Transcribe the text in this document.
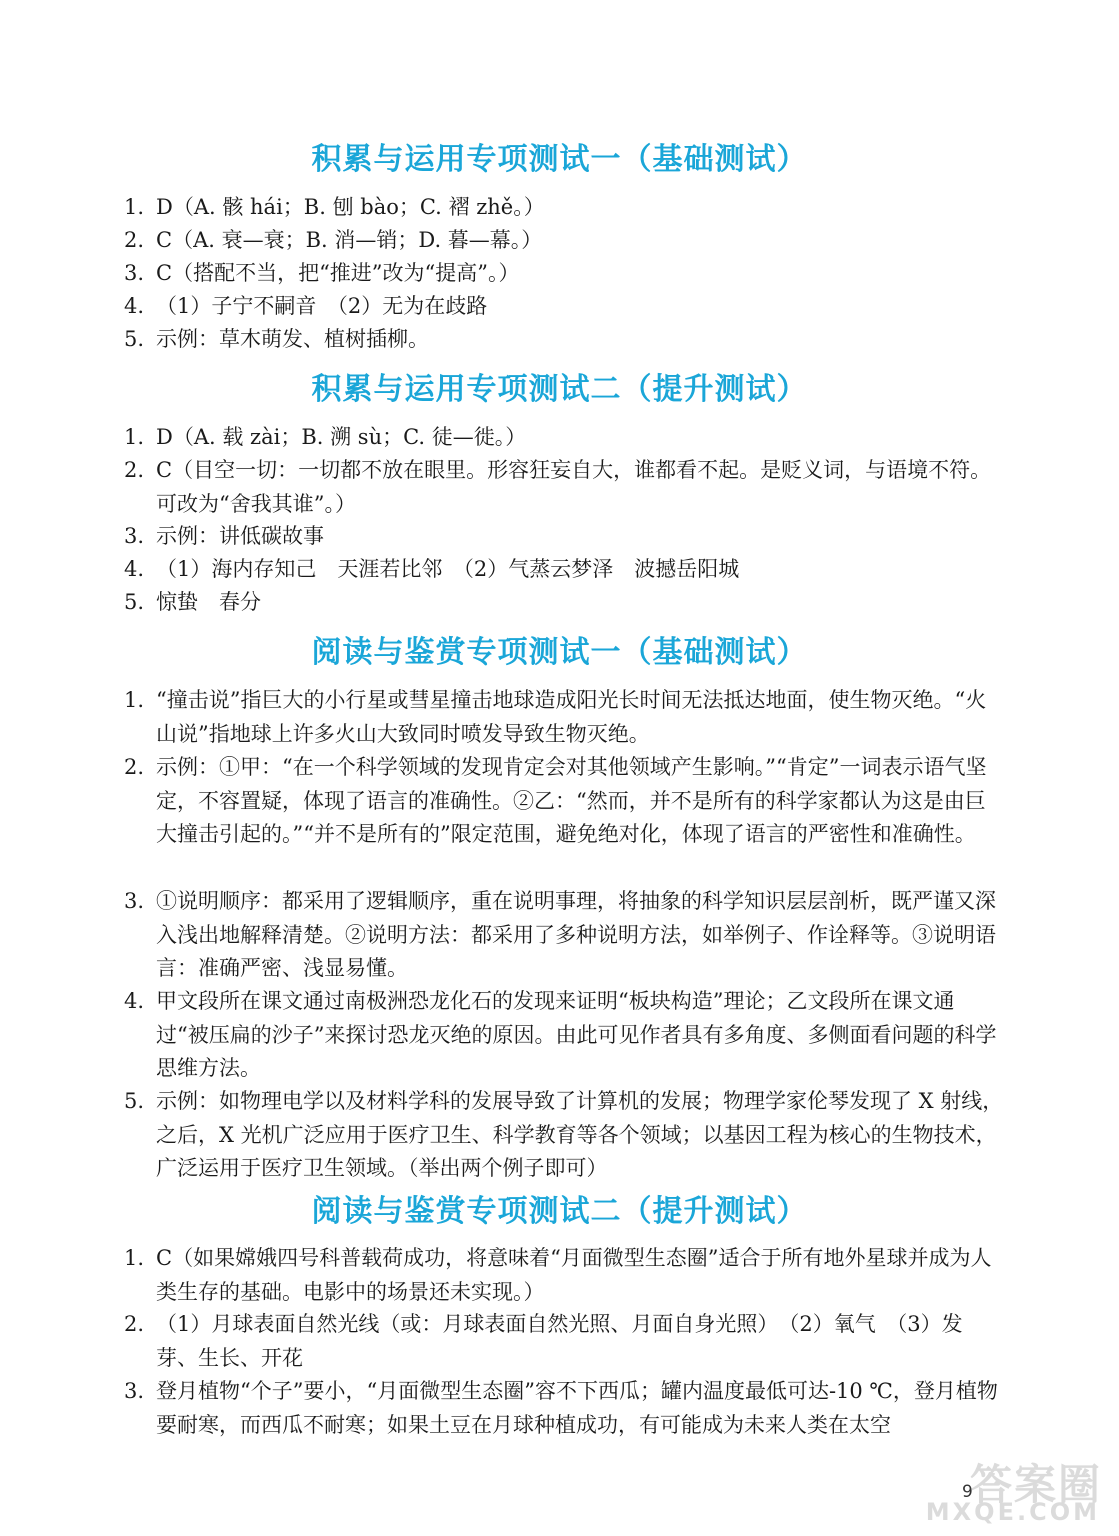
积累与运用专项测试一（基础测试）
1. D（A. 骸 hái；B. 刨 bào；C. 褶 zhě。）
2. C（A. 衰—衰；B. 消—销；D. 暮—幕。）
3. C（搭配不当，把“推进”改为“提高”。）
4. （1）子宁不嗣音　（2）无为在歧路
5. 示例：草木萌发、植树插柳。
积累与运用专项测试二（提升测试）
1. D（A. 载 zài；B. 溯 sù；C. 徒—徙。）
2. C（目空一切：一切都不放在眼里。形容狂妄自大，谁都看不起。是贬义词，与语境不符。可改为“舍我其谁”。）
3. 示例：讲低碳故事
4. （1）海内存知己　天涯若比邻　（2）气蒸云梦泽　波撼岳阳城
5. 惊蛰　春分
阅读与鉴赏专项测试一（基础测试）
1. “撞击说”指巨大的小行星或彗星撞击地球造成阳光长时间无法抵达地面，使生物灭绝。“火山说”指地球上许多火山大致同时喷发导致生物灭绝。
2. 示例：①甲：“在一个科学领域的发现肯定会对其他领域产生影响。”“肯定”一词表示语气坚定，不容置疑，体现了语言的准确性。②乙：“然而，并不是所有的科学家都认为这是由巨大撞击引起的。”“并不是所有的”限定范围，避免绝对化，体现了语言的严密性和准确性。
3. ①说明顺序：都采用了逻辑顺序，重在说明事理，将抽象的科学知识层层剖析，既严谨又深入浅出地解释清楚。②说明方法：都采用了多种说明方法，如举例子、作诠释等。③说明语言：准确严密、浅显易懂。
4. 甲文段所在课文通过南极洲恐龙化石的发现来证明“板块构造”理论；乙文段所在课文通过“被压扁的沙子”来探讨恐龙灭绝的原因。由此可见作者具有多角度、多侧面看问题的科学思维方法。
5. 示例：如物理电学以及材料学科的发展导致了计算机的发展；物理学家伦琴发现了 X 射线，之后，X 光机广泛应用于医疗卫生、科学教育等各个领域；以基因工程为核心的生物技术，广泛运用于医疗卫生领域。（举出两个例子即可）
阅读与鉴赏专项测试二（提升测试）
1. C（如果嫦娥四号科普载荷成功，将意味着“月面微型生态圈”适合于所有地外星球并成为人类生存的基础。电影中的场景还未实现。）
2. （1）月球表面自然光线（或：月球表面自然光照、月面自身光照）　（2）氧气　（3）发芽、生长、开花
3. 登月植物“个子”要小，“月面微型生态圈”容不下西瓜；罐内温度最低可达-10 ℃，登月植物要耐寒，而西瓜不耐寒；如果土豆在月球种植成功，有可能成为未来人类在太空
9
答案圈
MXQE.COM
